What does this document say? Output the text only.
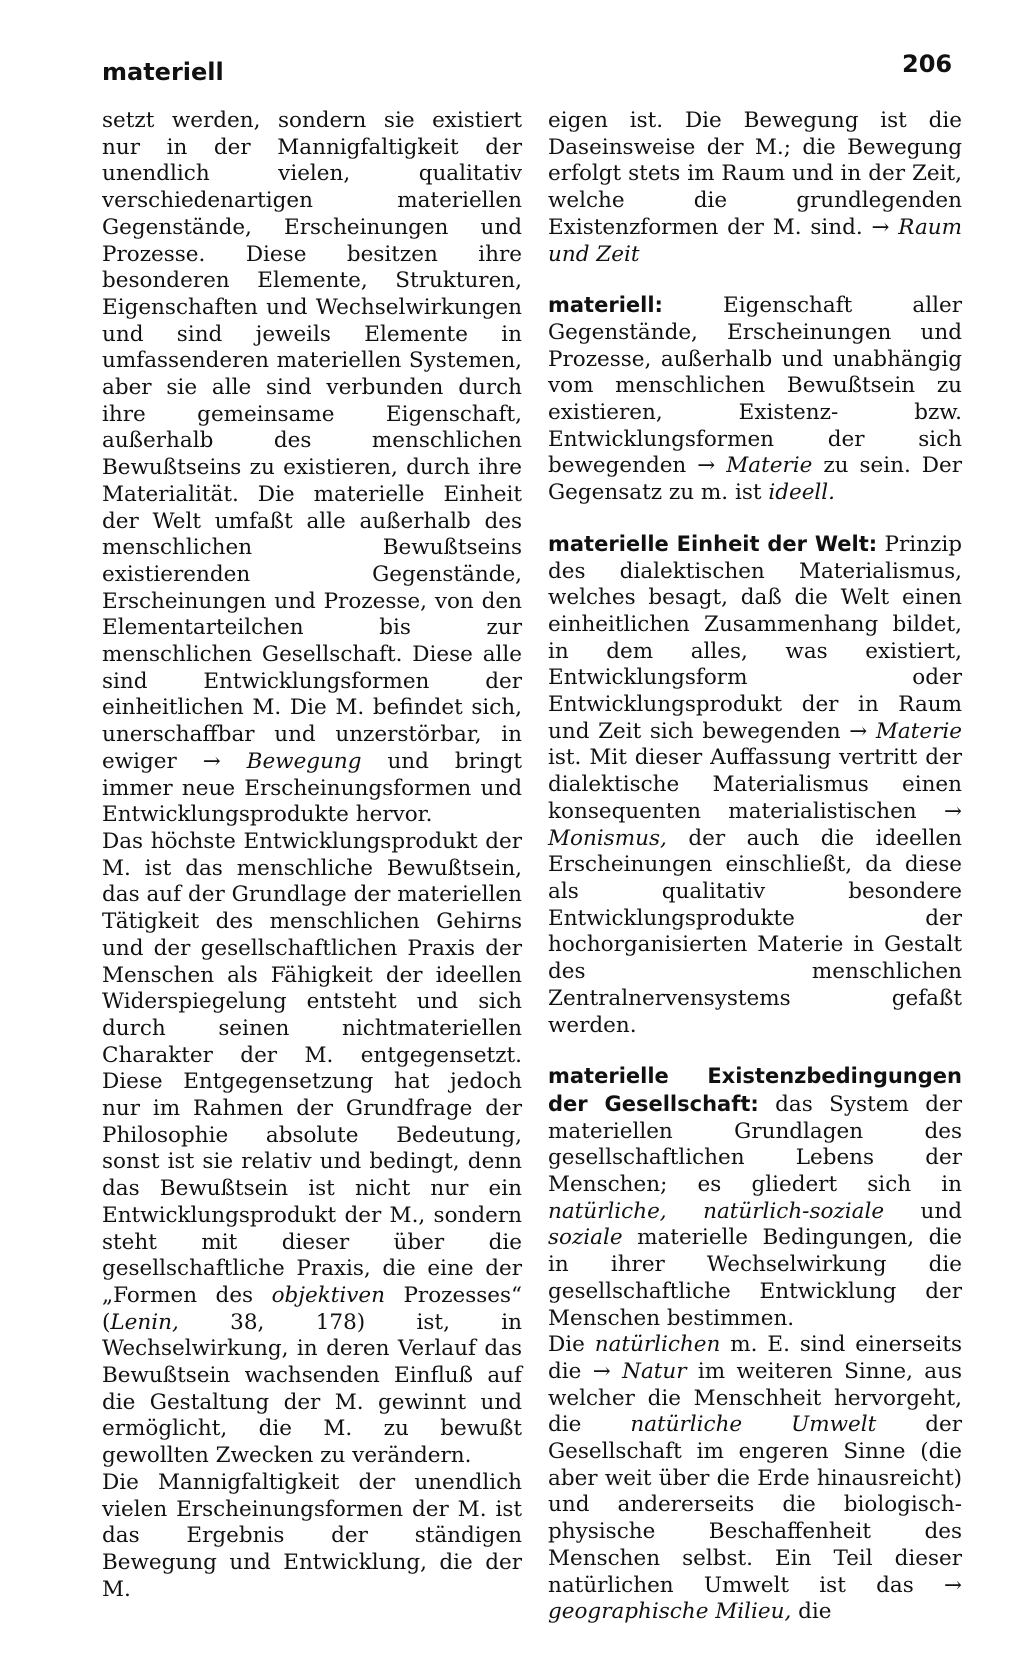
materiell	206

setzt werden, sondern sie existiert nur in der Mannigfaltigkeit der unendlich vielen, qualitativ verschiedenartigen materiellen Gegenstände, Erscheinungen und Prozesse. Diese besitzen ihre besonderen Elemente, Strukturen, Eigenschaften und Wechselwirkungen und sind jeweils Elemente in umfassenderen materiellen Systemen, aber sie alle sind verbunden durch ihre gemeinsame Eigenschaft, außerhalb des menschlichen Bewußtseins zu existieren, durch ihre Materialität. Die materielle Einheit der Welt umfaßt alle außerhalb des menschlichen Bewußtseins existierenden Gegenstände, Erscheinungen und Prozesse, von den Elementarteilchen bis zur menschlichen Gesellschaft. Diese alle sind Entwicklungsformen der einheitlichen M. Die M. befindet sich, unerschaffbar und unzerstörbar, in ewiger → Bewegung und bringt immer neue Erscheinungsformen und Entwicklungsprodukte hervor.

Das höchste Entwicklungsprodukt der M. ist das menschliche Bewußtsein, das auf der Grundlage der materiellen Tätigkeit des menschlichen Gehirns und der gesellschaftlichen Praxis der Menschen als Fähigkeit der ideellen Widerspiegelung entsteht und sich durch seinen nichtmateriellen Charakter der M. entgegensetzt. Diese Entgegensetzung hat jedoch nur im Rahmen der Grundfrage der Philosophie absolute Bedeutung, sonst ist sie relativ und bedingt, denn das Bewußtsein ist nicht nur ein Entwicklungsprodukt der M., sondern steht mit dieser über die gesellschaftliche Praxis, die eine der „Formen des objektiven Prozesses“ (Lenin, 38, 178) ist, in Wechselwirkung, in deren Verlauf das Bewußtsein wachsenden Einfluß auf die Gestaltung der M. gewinnt und ermöglicht, die M. zu bewußt gewollten Zwecken zu verändern.

Die Mannigfaltigkeit der unendlich vielen Erscheinungsformen der M. ist das Ergebnis der ständigen Bewegung und Entwicklung, die der M.

eigen ist. Die Bewegung ist die Daseinsweise der M.; die Bewegung erfolgt stets im Raum und in der Zeit, welche die grundlegenden Existenzformen der M. sind. → Raum und Zeit

materiell: Eigenschaft aller Gegenstände, Erscheinungen und Prozesse, außerhalb und unabhängig vom menschlichen Bewußtsein zu existieren, Existenz- bzw. Entwicklungsformen der sich bewegenden → Materie zu sein. Der Gegensatz zu m. ist ideell.

materielle Einheit der Welt: Prinzip des dialektischen Materialismus, welches besagt, daß die Welt einen einheitlichen Zusammenhang bildet, in dem alles, was existiert, Entwicklungsform oder Entwicklungsprodukt der in Raum und Zeit sich bewegenden → Materie ist. Mit dieser Auffassung vertritt der dialektische Materialismus einen konsequenten materialistischen → Monismus, der auch die ideellen Erscheinungen einschließt, da diese als qualitativ besondere Entwicklungsprodukte der hochorganisierten Materie in Gestalt des menschlichen Zentralnervensystems gefaßt werden.

materielle Existenzbedingungen der Gesellschaft: das System der materiellen Grundlagen des gesellschaftlichen Lebens der Menschen; es gliedert sich in natürliche, natürlich-soziale und soziale materielle Bedingungen, die in ihrer Wechselwirkung die gesellschaftliche Entwicklung der Menschen bestimmen.

Die natürlichen m. E. sind einerseits die → Natur im weiteren Sinne, aus welcher die Menschheit hervorgeht, die natürliche Umwelt der Gesellschaft im engeren Sinne (die aber weit über die Erde hinausreicht) und andererseits die biologisch-physische Beschaffenheit des Menschen selbst. Ein Teil dieser natürlichen Umwelt ist das → geographische Milieu, die
